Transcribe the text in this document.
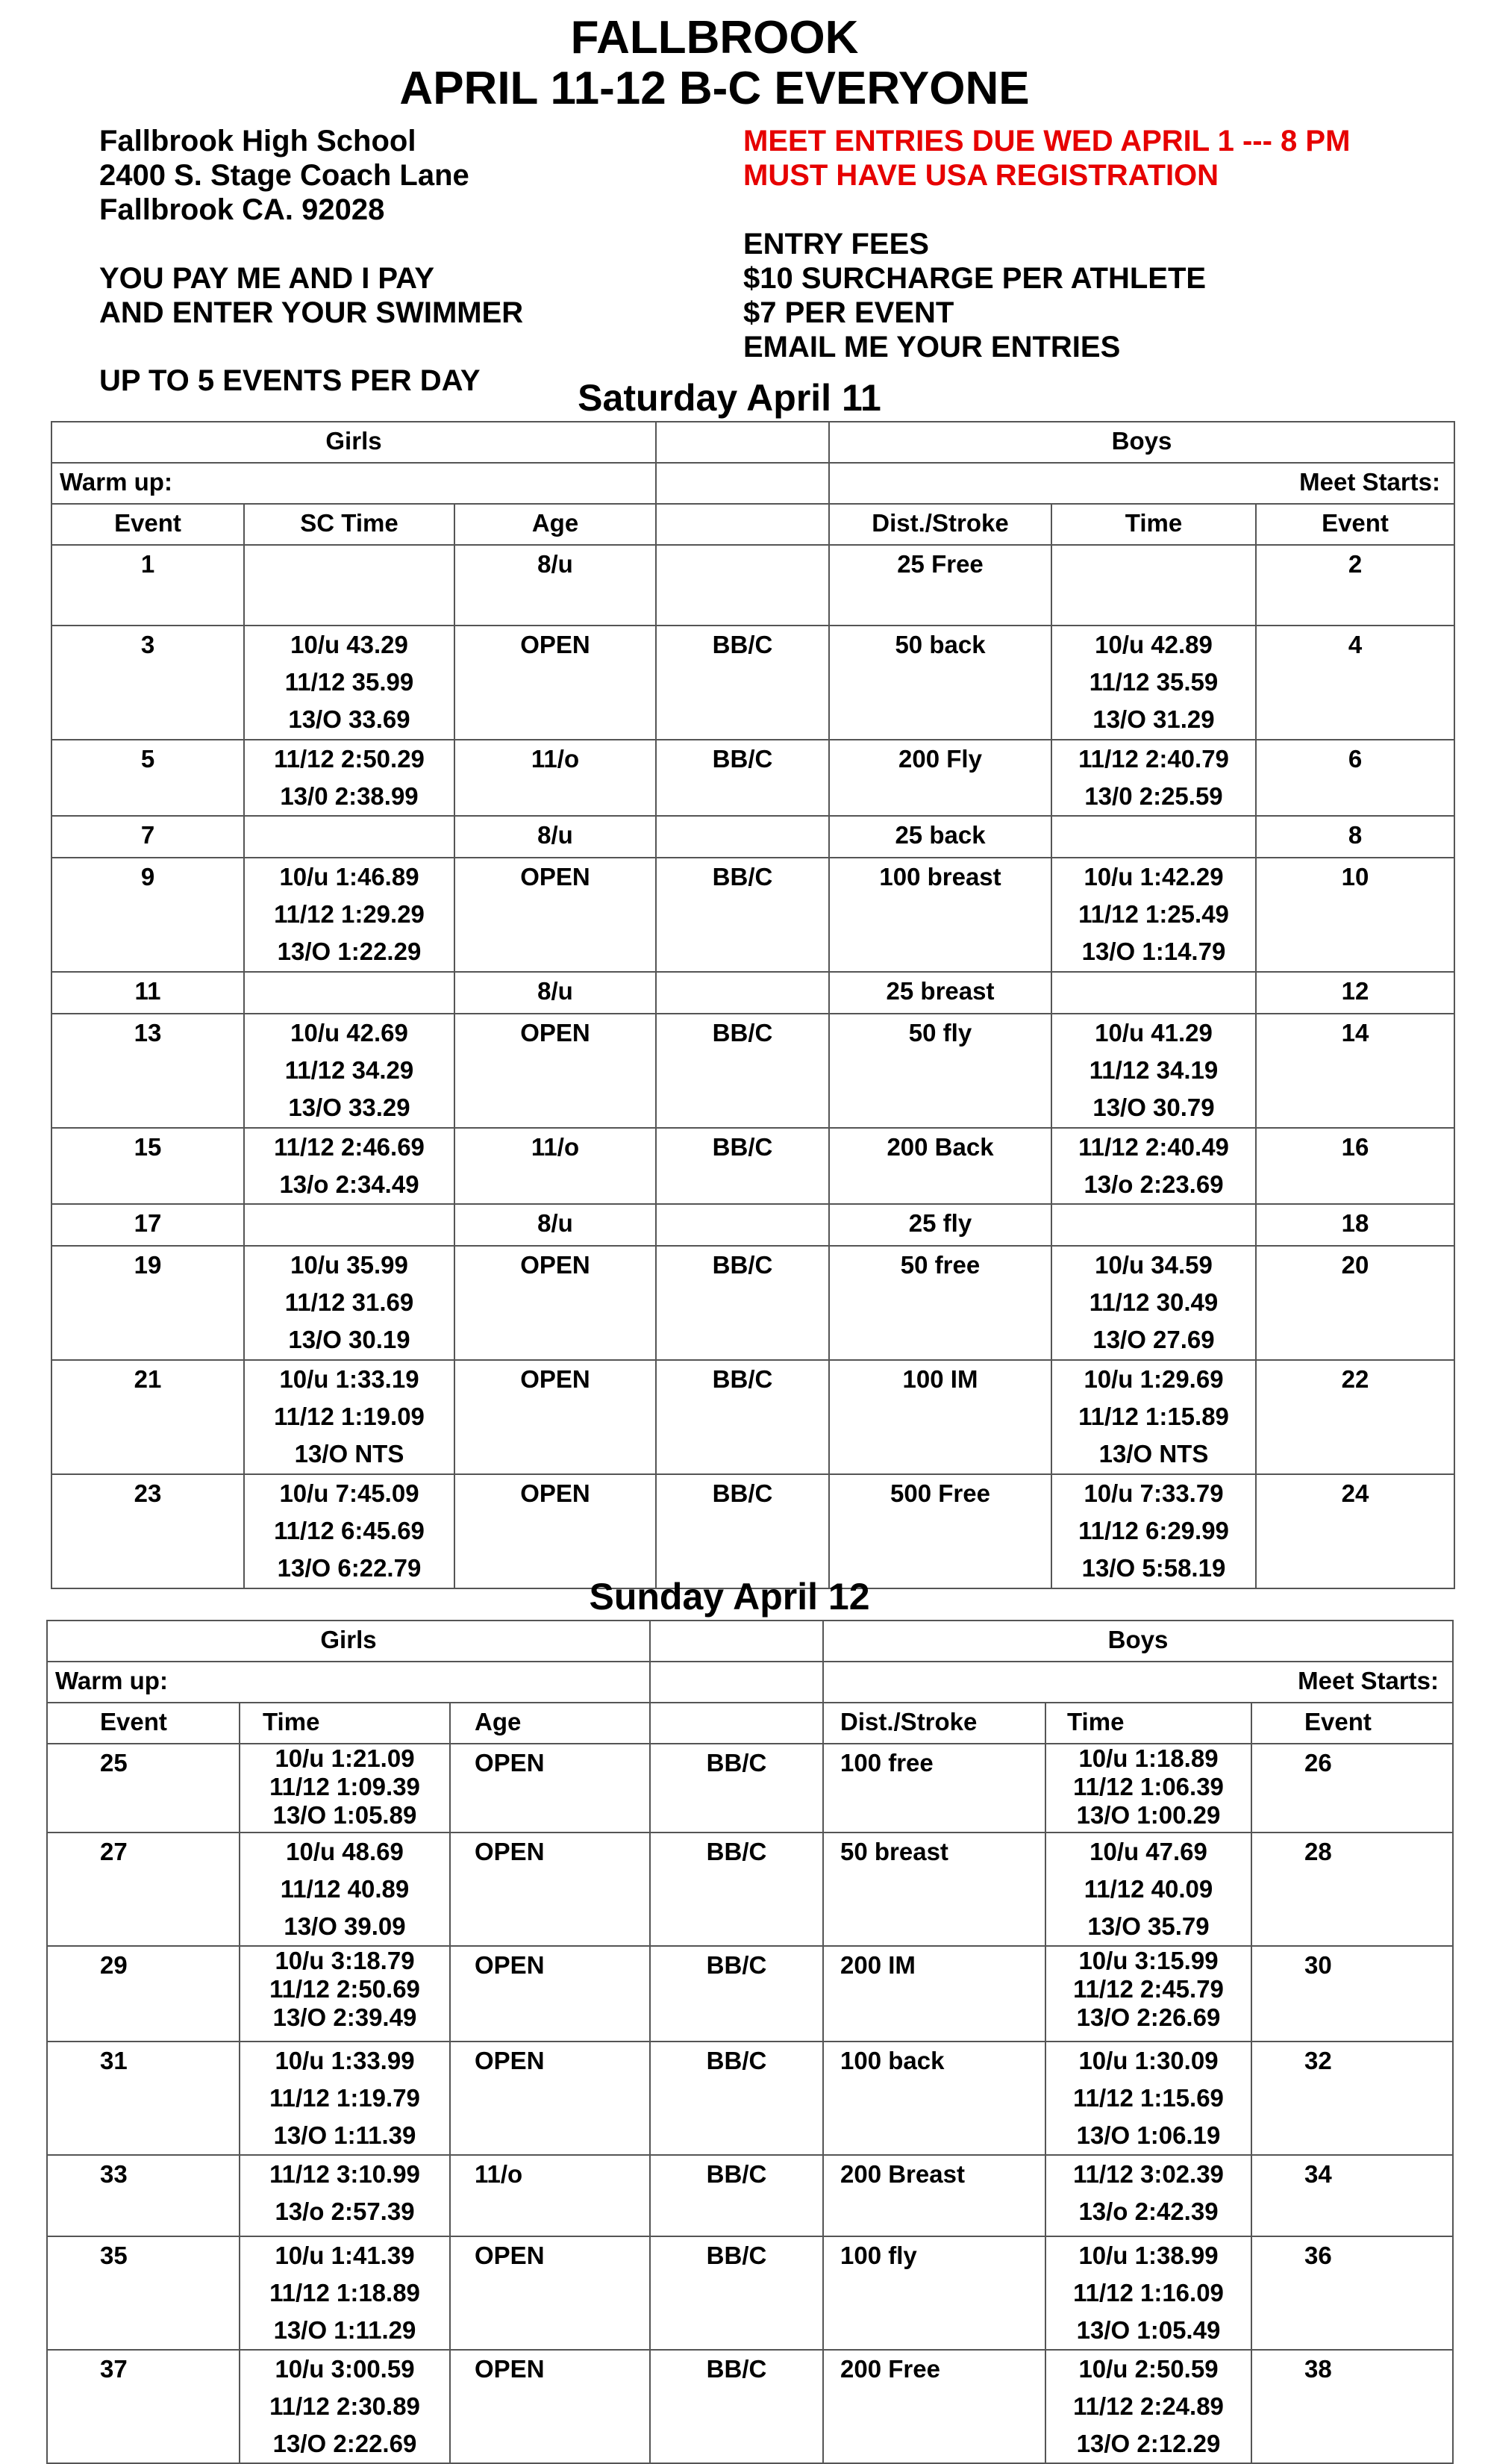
FALLBROOK
APRIL 11-12 B-C EVERYONE
Fallbrook High School
2400 S. Stage Coach Lane
Fallbrook CA. 92028
YOU PAY ME AND I PAY
AND ENTER YOUR SWIMMER
UP TO 5 EVENTS PER DAY
MEET ENTRIES DUE WED APRIL 1 --- 8 PM
MUST HAVE USA REGISTRATION
ENTRY FEES
$10 SURCHARGE PER ATHLETE
$7 PER EVENT
EMAIL ME YOUR ENTRIES
Saturday April 11
Girls				Boys		
Warm up:				Meet Starts:		
Event	SC Time	Age		Dist./Stroke	Time	Event
1		8/u		25 Free		2
3	10/u 43.29
11/12 35.99
13/O 33.69	OPEN	BB/C	50 back	10/u 42.89
11/12 35.59
13/O 31.29	4
5	11/12 2:50.29
13/0 2:38.99	11/o	BB/C	200 Fly	11/12 2:40.79
13/0 2:25.59	6
7		8/u		25 back		8
9	10/u 1:46.89
11/12 1:29.29
13/O 1:22.29	OPEN	BB/C	100 breast	10/u 1:42.29
11/12 1:25.49
13/O 1:14.79	10
11		8/u		25 breast		12
13	10/u 42.69
11/12 34.29
13/O 33.29	OPEN	BB/C	50 fly	10/u 41.29
11/12 34.19
13/O 30.79	14
15	11/12 2:46.69
13/o 2:34.49	11/o	BB/C	200 Back	11/12 2:40.49
13/o 2:23.69	16
17		8/u		25 fly		18
19	10/u 35.99
11/12 31.69
13/O 30.19	OPEN	BB/C	50 free	10/u 34.59
11/12 30.49
13/O 27.69	20
21	10/u 1:33.19
11/12 1:19.09
13/O NTS	OPEN	BB/C	100 IM	10/u 1:29.69
11/12 1:15.89
13/O NTS	22
23	10/u 7:45.09
11/12 6:45.69
13/O 6:22.79	OPEN	BB/C	500 Free	10/u 7:33.79
11/12 6:29.99
13/O 5:58.19	24
Sunday April 12
Girls				Boys		
Warm up:				Meet Starts:		
Event	Time	Age		Dist./Stroke	Time	Event
25	10/u 1:21.09
11/12 1:09.39
13/O 1:05.89	OPEN	BB/C	100 free	10/u 1:18.89
11/12 1:06.39
13/O 1:00.29	26
27	10/u 48.69
11/12 40.89
13/O 39.09	OPEN	BB/C	50 breast	10/u 47.69
11/12 40.09
13/O 35.79	28
29	10/u 3:18.79
11/12 2:50.69
13/O 2:39.49	OPEN	BB/C	200 IM	10/u 3:15.99
11/12 2:45.79
13/O 2:26.69	30
31	10/u 1:33.99
11/12 1:19.79
13/O 1:11.39	OPEN	BB/C	100 back	10/u 1:30.09
11/12 1:15.69
13/O 1:06.19	32
33	11/12 3:10.99
13/o 2:57.39	11/o	BB/C	200 Breast	11/12 3:02.39
13/o 2:42.39	34
35	10/u 1:41.39
11/12 1:18.89
13/O 1:11.29	OPEN	BB/C	100 fly	10/u 1:38.99
11/12 1:16.09
13/O 1:05.49	36
37	10/u 3:00.59
11/12 2:30.89
13/O 2:22.69	OPEN	BB/C	200 Free	10/u 2:50.59
11/12 2:24.89
13/O 2:12.29	38
